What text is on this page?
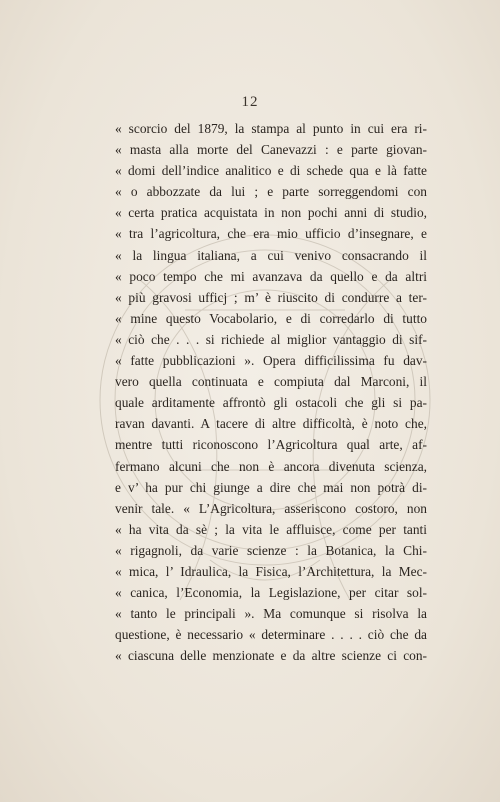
12
« scorcio del 1879, la stampa al punto in cui era ri-
« masta alla morte del Canevazzi : e parte giovan-
« domi dell’indice analitico e di schede qua e là fatte
« o abbozzate da lui ; e parte sorreggendomi con
« certa pratica acquistata in non pochi anni di studio,
« tra l’agricoltura, che era mio ufficio d’insegnare, e
« la lingua italiana, a cui venivo consacrando il
« poco tempo che mi avanzava da quello e da altri
« più gravosi ufficj ; m’ è riuscito di condurre a ter-
« mine questo Vocabolario, e di corredarlo di tutto
« ciò che . . . si richiede al miglior vantaggio di sif-
« fatte pubblicazioni ». Opera difficilissima fu dav-
vero quella continuata e compiuta dal Marconi, il
quale arditamente affrontò gli ostacoli che gli si pa-
ravan davanti. A tacere di altre difficoltà, è noto che,
mentre tutti riconoscono l’Agricoltura qual arte, af-
fermano alcuni che non è ancora divenuta scienza,
e v’ ha pur chi giunge a dire che mai non potrà di-
venir tale. « L’Agricoltura, asseriscono costoro, non
« ha vita da sè ; la vita le affluisce, come per tanti
« rigagnoli, da varie scienze : la Botanica, la Chi-
« mica, l’ Idraulica, la Fisica, l’Architettura, la Mec-
« canica, l’Economia, la Legislazione, per citar sol-
« tanto le principali ». Ma comunque si risolva la
questione, è necessario « determinare . . . . ciò che da
« ciascuna delle menzionate e da altre scienze ci con-
